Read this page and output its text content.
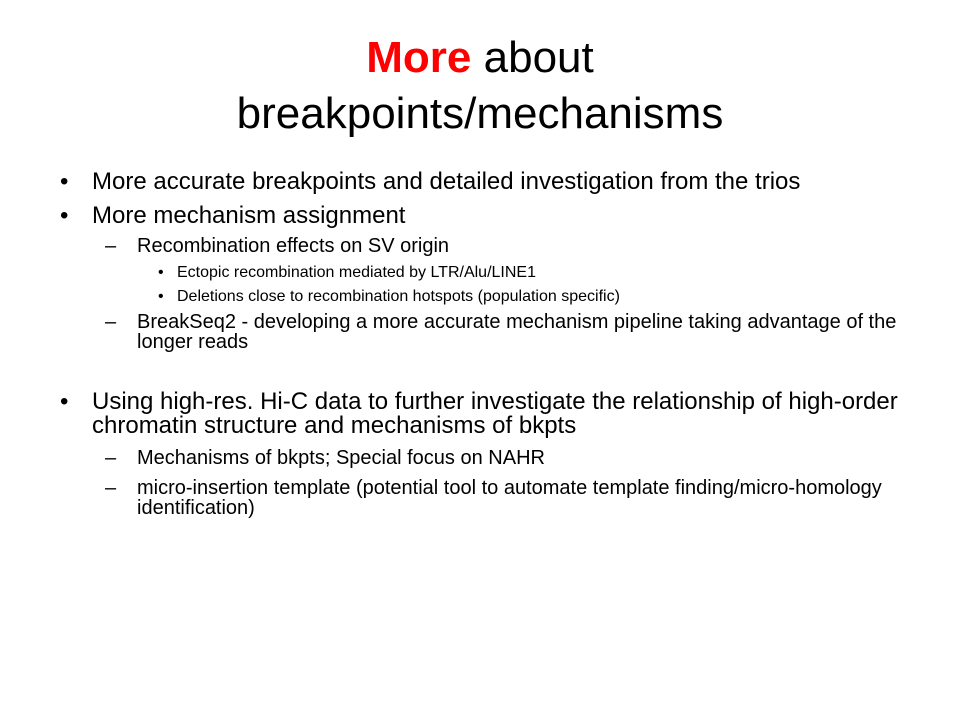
More about
breakpoints/mechanisms
• More accurate breakpoints and detailed investigation from the trios
• More mechanism assignment
– Recombination effects on SV origin
• Ectopic recombination mediated by LTR/Alu/LINE1
• Deletions close to recombination hotspots (population specific)
– BreakSeq2 - developing a more accurate mechanism pipeline taking advantage of the longer reads
• Using high-res. Hi-C data to further investigate the relationship of high-order chromatin structure and mechanisms of bkpts
– Mechanisms of bkpts; Special focus on NAHR
– micro-insertion template (potential tool to automate template finding/micro-homology identification)
